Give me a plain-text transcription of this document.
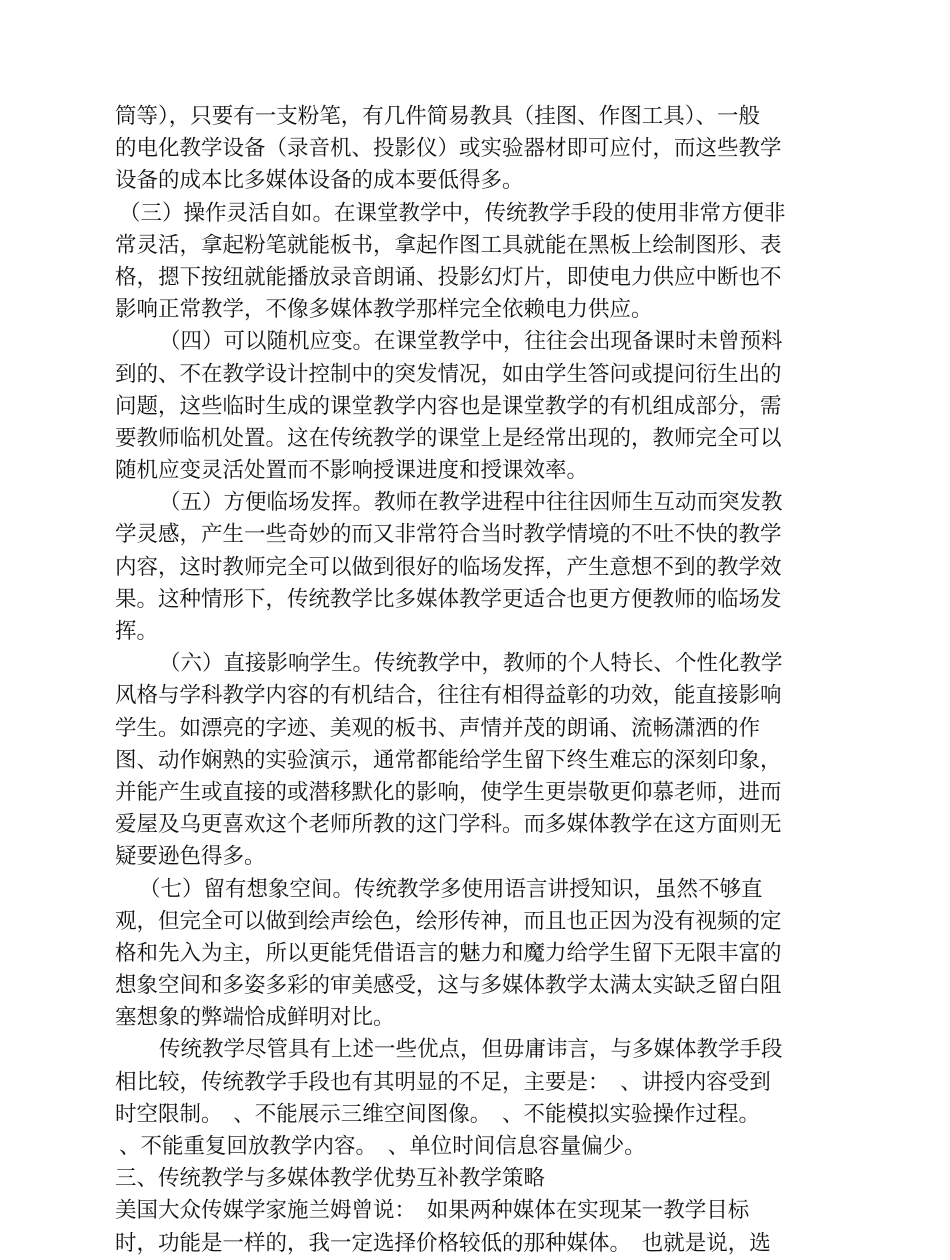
筒等），只要有一支粉笔，有几件简易教具（挂图、作图工具）、一般
的电化教学设备（录音机、投影仪）或实验器材即可应付，而这些教学
设备的成本比多媒体设备的成本要低得多。
（三）操作灵活自如。在课堂教学中，传统教学手段的使用非常方便非
常灵活，拿起粉笔就能板书，拿起作图工具就能在黑板上绘制图形、表
格，摁下按纽就能播放录音朗诵、投影幻灯片，即使电力供应中断也不
影响正常教学，不像多媒体教学那样完全依赖电力供应。
（四）可以随机应变。在课堂教学中，往往会出现备课时未曾预料
到的、不在教学设计控制中的突发情况，如由学生答问或提问衍生出的
问题，这些临时生成的课堂教学内容也是课堂教学的有机组成部分，需
要教师临机处置。这在传统教学的课堂上是经常出现的，教师完全可以
随机应变灵活处置而不影响授课进度和授课效率。
（五）方便临场发挥。教师在教学进程中往往因师生互动而突发教
学灵感，产生一些奇妙的而又非常符合当时教学情境的不吐不快的教学
内容，这时教师完全可以做到很好的临场发挥，产生意想不到的教学效
果。这种情形下，传统教学比多媒体教学更适合也更方便教师的临场发
挥。
（六）直接影响学生。传统教学中，教师的个人特长、个性化教学
风格与学科教学内容的有机结合，往往有相得益彰的功效，能直接影响
学生。如漂亮的字迹、美观的板书、声情并茂的朗诵、流畅潇洒的作
图、动作娴熟的实验演示，通常都能给学生留下终生难忘的深刻印象，
并能产生或直接的或潜移默化的影响，使学生更崇敬更仰慕老师，进而
爱屋及乌更喜欢这个老师所教的这门学科。而多媒体教学在这方面则无
疑要逊色得多。
（七）留有想象空间。传统教学多使用语言讲授知识，虽然不够直
观，但完全可以做到绘声绘色，绘形传神，而且也正因为没有视频的定
格和先入为主，所以更能凭借语言的魅力和魔力给学生留下无限丰富的
想象空间和多姿多彩的审美感受，这与多媒体教学太满太实缺乏留白阻
塞想象的弊端恰成鲜明对比。
传统教学尽管具有上述一些优点，但毋庸讳言，与多媒体教学手段
相比较，传统教学手段也有其明显的不足，主要是：　、讲授内容受到
时空限制。　、不能展示三维空间图像。　、不能模拟实验操作过程。
、不能重复回放教学内容。　、单位时间信息容量偏少。
三、传统教学与多媒体教学优势互补教学策略
美国大众传媒学家施兰姆曾说：　如果两种媒体在实现某一教学目标
时，功能是一样的，我一定选择价格较低的那种媒体。　也就是说，选
